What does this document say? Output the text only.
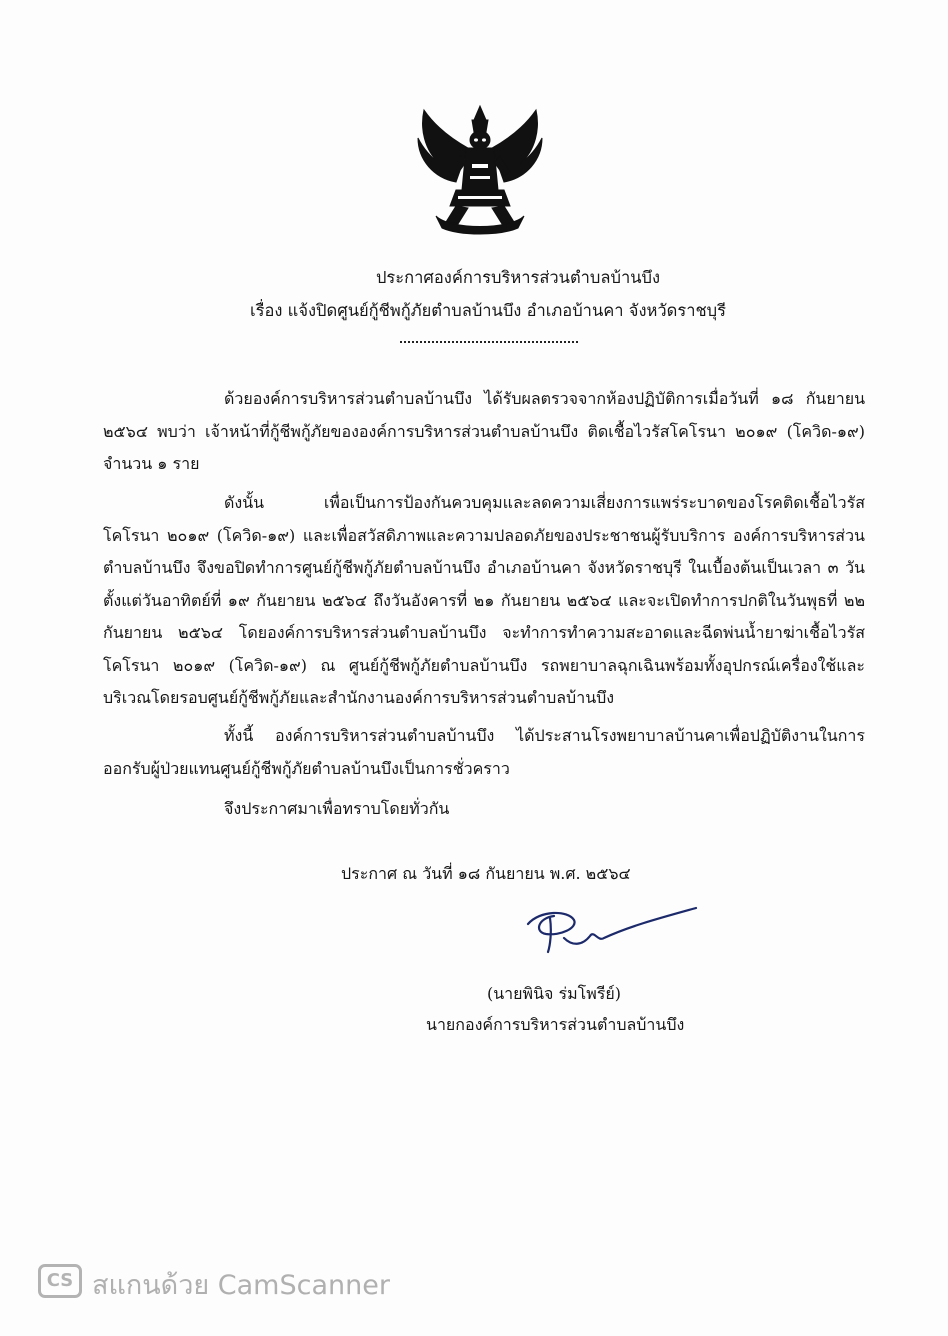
ประกาศองค์การบริหารส่วนตำบลบ้านบึง
เรื่อง แจ้งปิดศูนย์กู้ชีพกู้ภัยตำบลบ้านบึง อำเภอบ้านคา จังหวัดราชบุรี
ด้วยองค์การบริหารส่วนตำบลบ้านบึง ได้รับผลตรวจจากห้องปฏิบัติการเมื่อวันที่ ๑๘ กันยายน ๒๕๖๔ พบว่า เจ้าหน้าที่กู้ชีพกู้ภัยขององค์การบริหารส่วนตำบลบ้านบึง ติดเชื้อไวรัสโคโรนา ๒๐๑๙ (โควิด-๑๙) จำนวน ๑ ราย
ดังนั้น เพื่อเป็นการป้องกันควบคุมและลดความเสี่ยงการแพร่ระบาดของโรคติดเชื้อไวรัสโคโรนา ๒๐๑๙ (โควิด-๑๙) และเพื่อสวัสดิภาพและความปลอดภัยของประชาชนผู้รับบริการ องค์การบริหารส่วนตำบลบ้านบึง จึงขอปิดทำการศูนย์กู้ชีพกู้ภัยตำบลบ้านบึง อำเภอบ้านคา จังหวัดราชบุรี ในเบื้องต้นเป็นเวลา ๓ วัน ตั้งแต่วันอาทิตย์ที่ ๑๙ กันยายน ๒๕๖๔ ถึงวันอังคารที่ ๒๑ กันยายน ๒๕๖๔ และจะเปิดทำการปกติในวันพุธที่ ๒๒ กันยายน ๒๕๖๔ โดยองค์การบริหารส่วนตำบลบ้านบึง จะทำการทำความสะอาดและฉีดพ่นน้ำยาฆ่าเชื้อไวรัสโคโรนา ๒๐๑๙ (โควิด-๑๙) ณ ศูนย์กู้ชีพกู้ภัยตำบลบ้านบึง รถพยาบาลฉุกเฉินพร้อมทั้งอุปกรณ์เครื่องใช้และบริเวณโดยรอบศูนย์กู้ชีพกู้ภัยและสำนักงานองค์การบริหารส่วนตำบลบ้านบึง
ทั้งนี้ องค์การบริหารส่วนตำบลบ้านบึง ได้ประสานโรงพยาบาลบ้านคาเพื่อปฏิบัติงานในการออกรับผู้ป่วยแทนศูนย์กู้ชีพกู้ภัยตำบลบ้านบึงเป็นการชั่วคราว
จึงประกาศมาเพื่อทราบโดยทั่วกัน
ประกาศ ณ วันที่ ๑๘ กันยายน พ.ศ. ๒๕๖๔
(นายพินิจ ร่มโพรีย์)
นายกองค์การบริหารส่วนตำบลบ้านบึง
CS สแกนด้วย CamScanner
